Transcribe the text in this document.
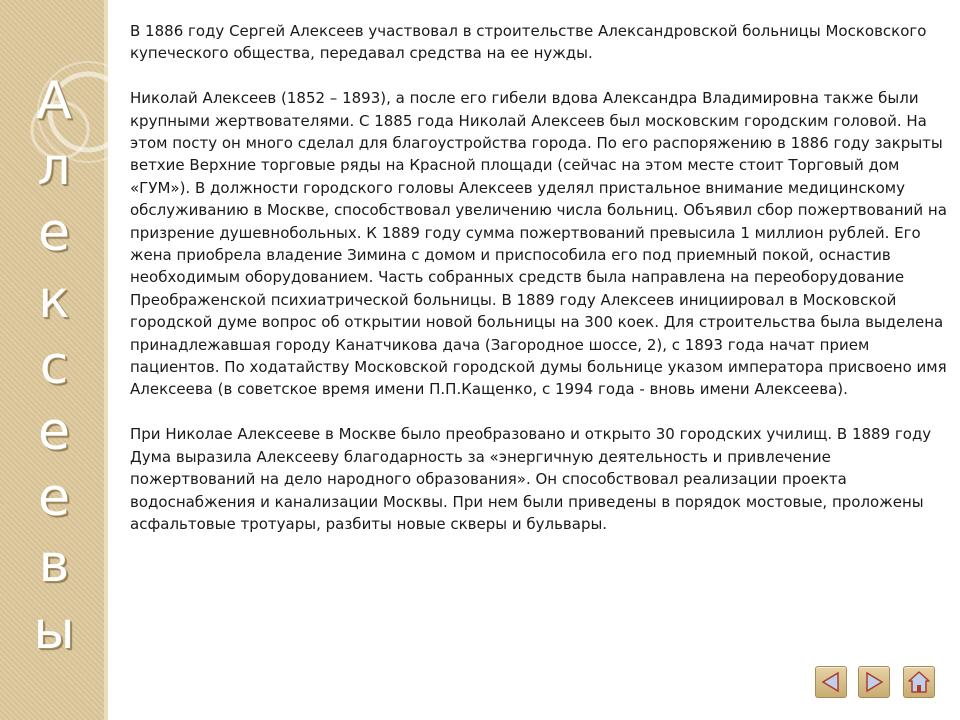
А
л
е
к
с
е
е
в
ы

В 1886 году Сергей Алексеев участвовал в строительстве Александровской больницы Московского купеческого общества, передавал средства на ее нужды.

Николай Алексеев (1852 – 1893), а после его гибели вдова Александра Владимировна также были крупными жертвователями. С 1885 года Николай Алексеев был московским городским головой. На этом посту он много сделал для благоустройства города. По его распоряжению в 1886 году закрыты ветхие Верхние торговые ряды на Красной площади (сейчас на этом месте стоит Торговый дом «ГУМ»). В должности городского головы Алексеев уделял пристальное внимание медицинскому обслуживанию в Москве, способствовал увеличению числа больниц. Объявил сбор пожертвований на призрение душевнобольных. К 1889 году сумма пожертвований превысила 1 миллион рублей. Его жена приобрела владение Зимина с домом и приспособила его под приемный покой, оснастив необходимым оборудованием. Часть собранных средств была направлена на переоборудование Преображенской психиатрической больницы. В 1889 году Алексеев инициировал в Московской городской думе вопрос об открытии новой больницы на 300 коек. Для строительства была выделена принадлежавшая городу Канатчикова дача (Загородное шоссе, 2), с 1893 года начат прием пациентов. По ходатайству Московской городской думы больнице указом императора присвоено имя Алексеева (в советское время имени П.П.Кащенко, с 1994 года - вновь имени Алексеева).

При Николае Алексееве в Москве было преобразовано и открыто 30 городских училищ. В 1889 году Дума выразила Алексееву благодарность за «энергичную деятельность и привлечение пожертвований на дело народного образования». Он способствовал реализации проекта водоснабжения и канализации Москвы. При нем были приведены в порядок мостовые, проложены асфальтовые тротуары, разбиты новые скверы и бульвары.
